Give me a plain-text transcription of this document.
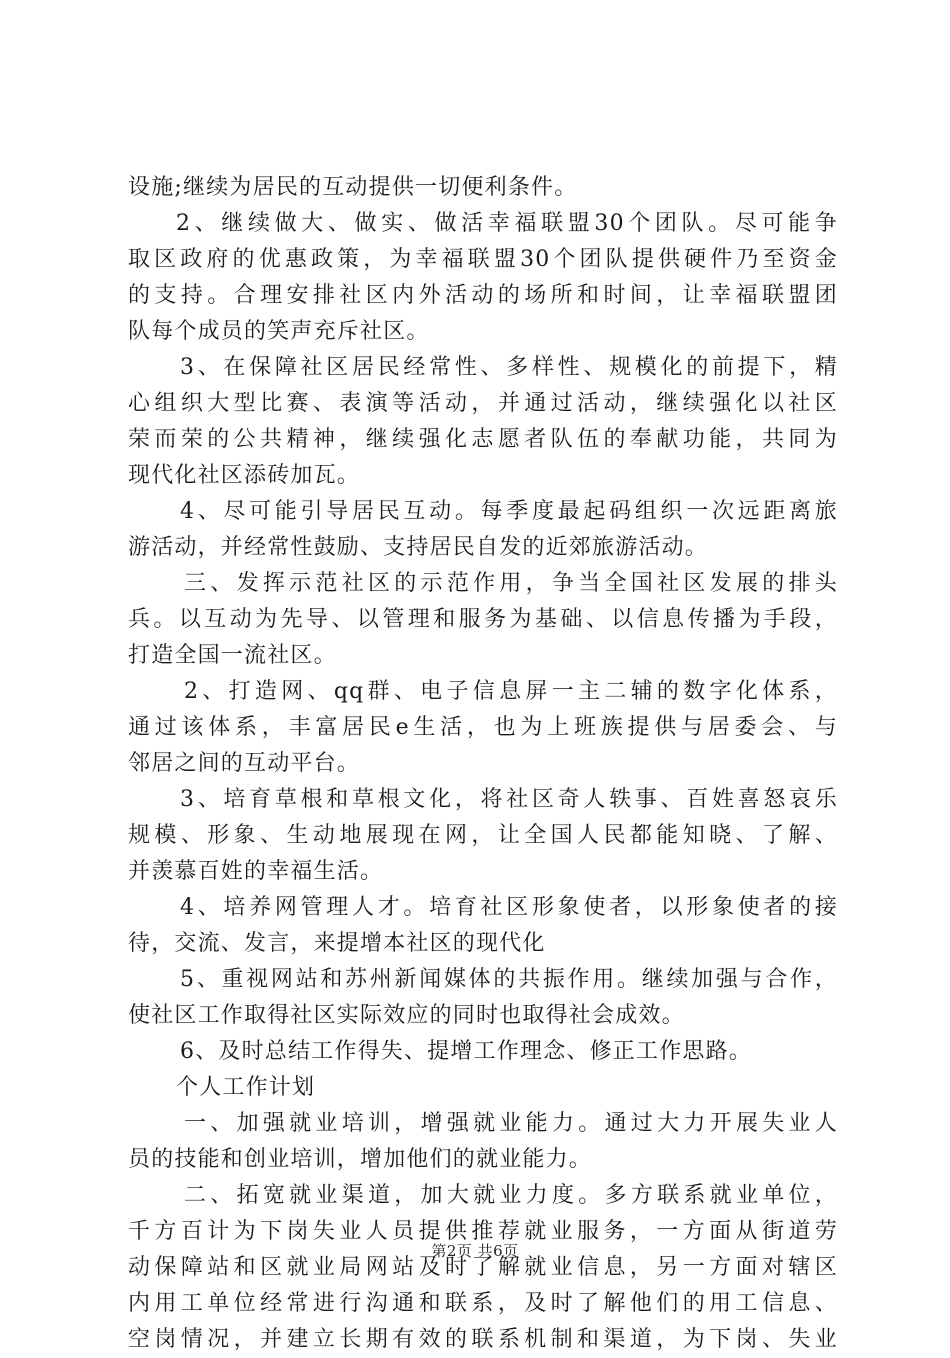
设施;继续为居民的互动提供一切便利条件。
2、继续做大、做实、做活幸福联盟30个团队。尽可能争
取区政府的优惠政策，为幸福联盟30个团队提供硬件乃至资金
的支持。合理安排社区内外活动的场所和时间，让幸福联盟团
队每个成员的笑声充斥社区。
3、在保障社区居民经常性、多样性、规模化的前提下，精
心组织大型比赛、表演等活动，并通过活动，继续强化以社区
荣而荣的公共精神，继续强化志愿者队伍的奉献功能，共同为
现代化社区添砖加瓦。
4、尽可能引导居民互动。每季度最起码组织一次远距离旅
游活动，并经常性鼓励、支持居民自发的近郊旅游活动。
三、发挥示范社区的示范作用，争当全国社区发展的排头
兵。以互动为先导、以管理和服务为基础、以信息传播为手段，
打造全国一流社区。
2、打造网、qq群、电子信息屏一主二辅的数字化体系，
通过该体系，丰富居民e生活，也为上班族提供与居委会、与
邻居之间的互动平台。
3、培育草根和草根文化，将社区奇人轶事、百姓喜怒哀乐
规模、形象、生动地展现在网，让全国人民都能知晓、了解、
并羡慕百姓的幸福生活。
4、培养网管理人才。培育社区形象使者，以形象使者的接
待，交流、发言，来提增本社区的现代化
5、重视网站和苏州新闻媒体的共振作用。继续加强与合作，
使社区工作取得社区实际效应的同时也取得社会成效。
6、及时总结工作得失、提增工作理念、修正工作思路。
个人工作计划
一、加强就业培训，增强就业能力。通过大力开展失业人
员的技能和创业培训，增加他们的就业能力。
二、拓宽就业渠道，加大就业力度。多方联系就业单位，
千方百计为下岗失业人员提供推荐就业服务，一方面从街道劳
动保障站和区就业局网站及时了解就业信息，另一方面对辖区
内用工单位经常进行沟通和联系，及时了解他们的用工信息、
空岗情况，并建立长期有效的联系机制和渠道，为下岗、失业
第2页 共6页
